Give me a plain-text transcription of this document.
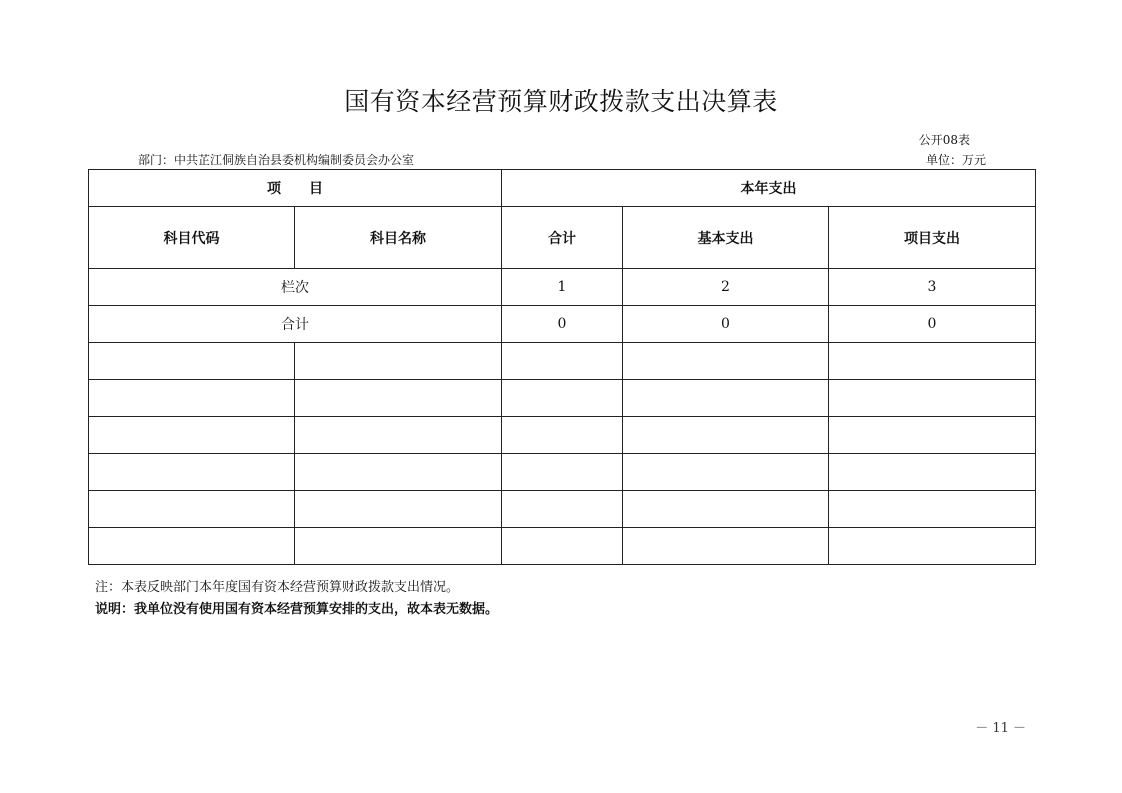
国有资本经营预算财政拨款支出决算表
公开08表
部门：中共芷江侗族自治县委机构编制委员会办公室	单位：万元
项　　目		本年支出		
科目代码	科目名称	合计	基本支出	项目支出
栏次		1	2	3
合计		0	0	0

注：本表反映部门本年度国有资本经营预算财政拨款支出情况。
说明：我单位没有使用国有资本经营预算安排的支出，故本表无数据。
－ 11 －
